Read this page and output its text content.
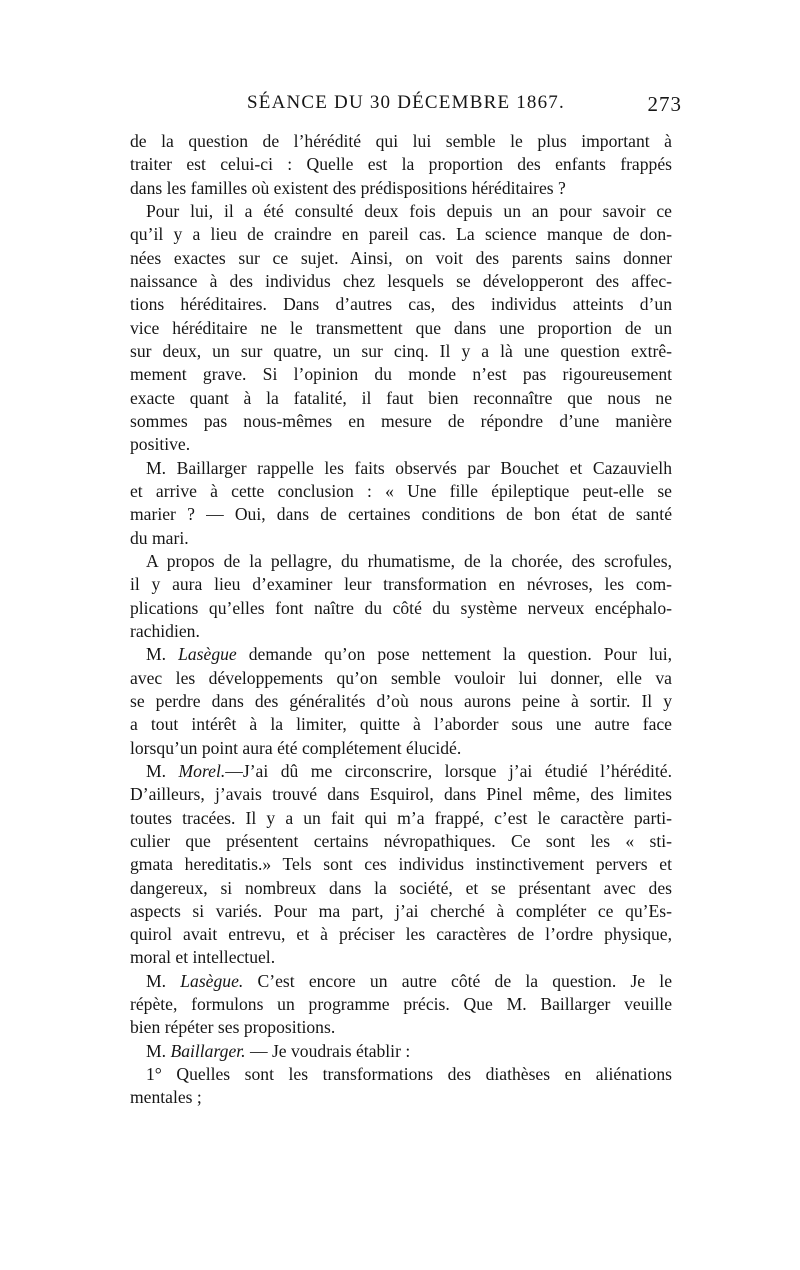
SÉANCE DU 30 DÉCEMBRE 1867.	273
de la question de l’hérédité qui lui semble le plus important à
traiter est celui-ci : Quelle est la proportion des enfants frappés
dans les familles où existent des prédispositions héréditaires ?
Pour lui, il a été consulté deux fois depuis un an pour savoir ce
qu’il y a lieu de craindre en pareil cas. La science manque de don-
nées exactes sur ce sujet. Ainsi, on voit des parents sains donner
naissance à des individus chez lesquels se développeront des affec-
tions héréditaires. Dans d’autres cas, des individus atteints d’un
vice héréditaire ne le transmettent que dans une proportion de un
sur deux, un sur quatre, un sur cinq. Il y a là une question extrê-
mement grave. Si l’opinion du monde n’est pas rigoureusement
exacte quant à la fatalité, il faut bien reconnaître que nous ne
sommes pas nous-mêmes en mesure de répondre d’une manière
positive.
M. Baillarger rappelle les faits observés par Bouchet et Cazauvielh
et arrive à cette conclusion : « Une fille épileptique peut-elle se
marier ? — Oui, dans de certaines conditions de bon état de santé
du mari.
A propos de la pellagre, du rhumatisme, de la chorée, des scrofules,
il y aura lieu d’examiner leur transformation en névroses, les com-
plications qu’elles font naître du côté du système nerveux encéphalo-
rachidien.
M. Lasègue demande qu’on pose nettement la question. Pour lui,
avec les développements qu’on semble vouloir lui donner, elle va
se perdre dans des généralités d’où nous aurons peine à sortir. Il y
a tout intérêt à la limiter, quitte à l’aborder sous une autre face
lorsqu’un point aura été complétement élucidé.
M. Morel.—J’ai dû me circonscrire, lorsque j’ai étudié l’hérédité.
D’ailleurs, j’avais trouvé dans Esquirol, dans Pinel même, des limites
toutes tracées. Il y a un fait qui m’a frappé, c’est le caractère parti-
culier que présentent certains névropathiques. Ce sont les « sti-
gmata hereditatis.» Tels sont ces individus instinctivement pervers et
dangereux, si nombreux dans la société, et se présentant avec des
aspects si variés. Pour ma part, j’ai cherché à compléter ce qu’Es-
quirol avait entrevu, et à préciser les caractères de l’ordre physique,
moral et intellectuel.
M. Lasègue. C’est encore un autre côté de la question. Je le
répète, formulons un programme précis. Que M. Baillarger veuille
bien répéter ses propositions.
M. Baillarger. — Je voudrais établir :
1° Quelles sont les transformations des diathèses en aliénations
mentales ;
